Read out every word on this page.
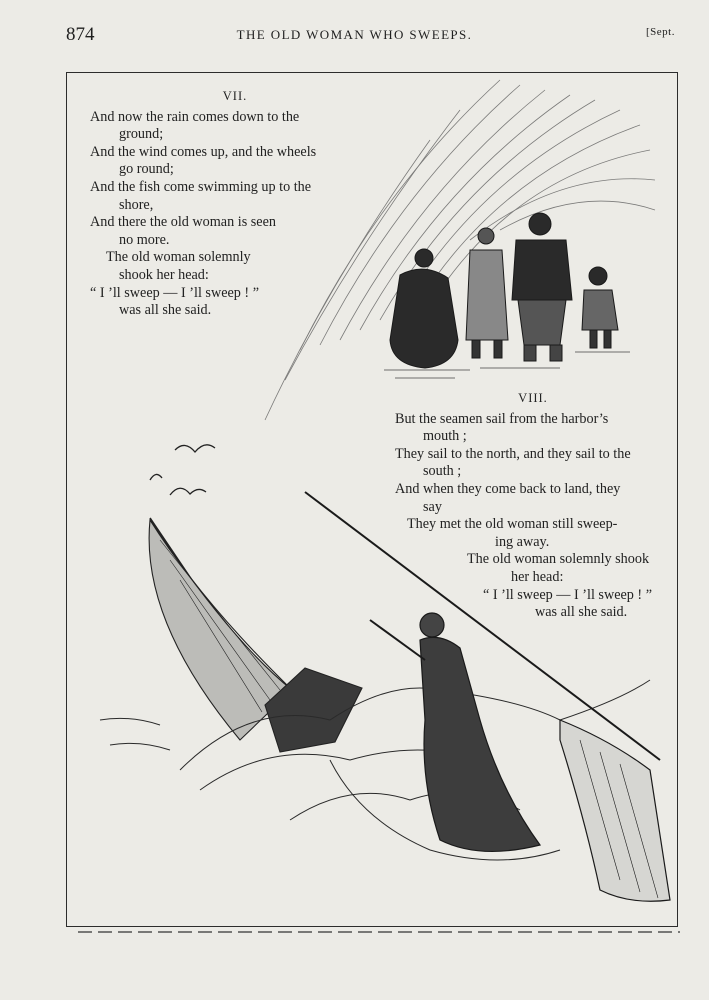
874	THE OLD WOMAN WHO SWEEPS.	[Sept.
VII.
And now the rain comes down to the
ground;
And the wind comes up, and the wheels
go round;
And the fish come swimming up to the
shore,
And there the old woman is seen
no more.
The old woman solemnly
shook her head:
“ I ’ll sweep — I ’ll sweep ! ”
was all she said.
VIII.
But the seamen sail from the harbor’s
mouth ;
They sail to the north, and they sail to the
south ;
And when they come back to land, they
say
They met the old woman still sweep-
ing away.
The old woman solemnly shook
her head:
“ I ’ll sweep — I ’ll sweep ! ”
was all she said.
